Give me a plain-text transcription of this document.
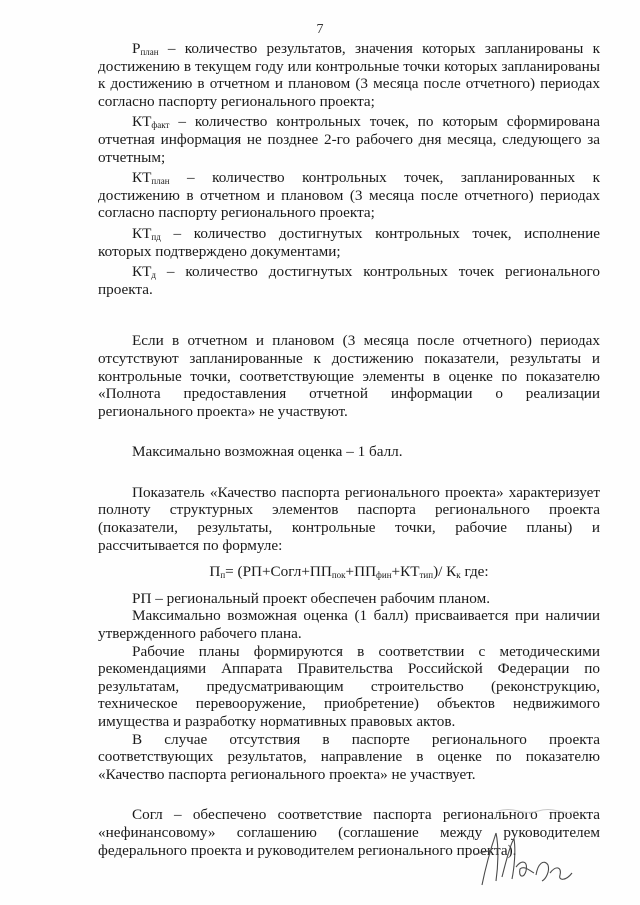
7

$Р_{план}$ – количество результатов, значения которых запланированы к достижению в текущем году или контрольные точки которых запланированы к достижению в отчетном и плановом (3 месяца после отчетного) периодах согласно паспорту регионального проекта;

$КТ_{факт}$ – количество контрольных точек, по которым сформирована отчетная информация не позднее 2-го рабочего дня месяца, следующего за отчетным;

$КТ_{план}$ – количество контрольных точек, запланированных к достижению в отчетном и плановом (3 месяца после отчетного) периодах согласно паспорту регионального проекта;

$КТ_{пд}$ – количество достигнутых контрольных точек, исполнение которых подтверждено документами;

$КТ_д$ – количество достигнутых контрольных точек регионального проекта.

Если в отчетном и плановом (3 месяца после отчетного) периодах отсутствуют запланированные к достижению показатели, результаты и контрольные точки, соответствующие элементы в оценке по показателю «Полнота предоставления отчетной информации о реализации регионального проекта» не участвуют.

Максимально возможная оценка – 1 балл.

Показатель «Качество паспорта регионального проекта» характеризует полноту структурных элементов паспорта регионального проекта (показатели, результаты, контрольные точки, рабочие планы) и рассчитывается по формуле:

$П_п=$ $(РП+Согл+ПП_{пок}+ПП_{фин}+КТ_{тип})/$ $К_к$ где:

РП – региональный проект обеспечен рабочим планом.

Максимально возможная оценка (1 балл) присваивается при наличии утвержденного рабочего плана.

Рабочие планы формируются в соответствии с методическими рекомендациями Аппарата Правительства Российской Федерации по результатам, предусматривающим строительство (реконструкцию, техническое перевооружение, приобретение) объектов недвижимого имущества и разработку нормативных правовых актов.

В случае отсутствия в паспорте регионального проекта соответствующих результатов, направление в оценке по показателю «Качество паспорта регионального проекта» не участвует.

Согл – обеспечено соответствие паспорта регионального проекта «нефинансовому» соглашению (соглашение между руководителем федерального проекта и руководителем регионального проекта).
